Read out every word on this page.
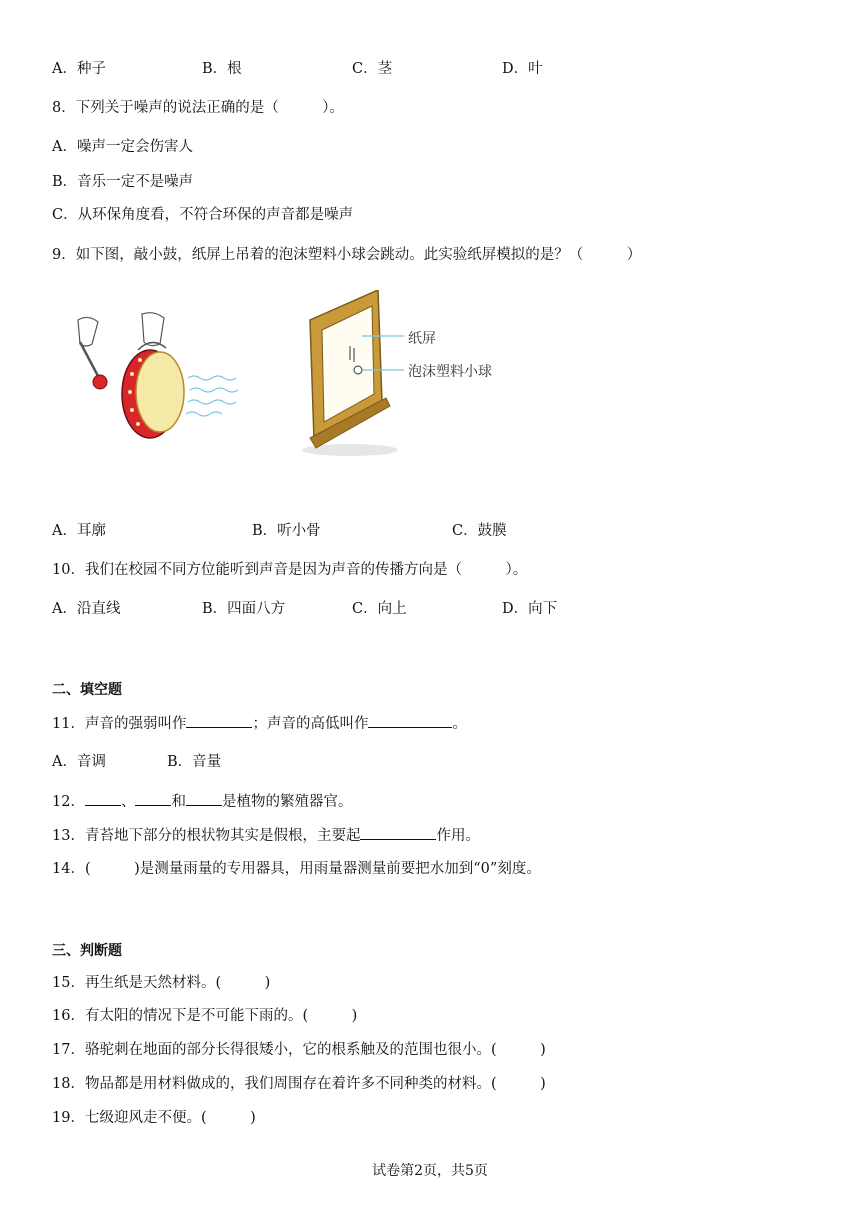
A．种子	B．根	C．茎	D．叶
8．下列关于噪声的说法正确的是（　　　）。
A．噪声一定会伤害人
B．音乐一定不是噪声
C．从环保角度看，不符合环保的声音都是噪声
9．如下图，敲小鼓，纸屏上吊着的泡沫塑料小球会跳动。此实验纸屏模拟的是？（　　　）
纸屏
泡沫塑料小球
A．耳廓	B．听小骨	C．鼓膜
10．我们在校园不同方位能听到声音是因为声音的传播方向是（　　　）。
A．沿直线	B．四面八方	C．向上	D．向下
二、填空题
11．声音的强弱叫作	；声音的高低叫作	。
A．音调	B．音量
12． 、 和 是植物的繁殖器官。
13．青苔地下部分的根状物其实是假根，主要起	作用。
14．(　　　)是测量雨量的专用器具，用雨量器测量前要把水加到“0”刻度。
三、判断题
15．再生纸是天然材料。(　　　)
16．有太阳的情况下是不可能下雨的。(　　　)
17．骆驼刺在地面的部分长得很矮小，它的根系触及的范围也很小。(　　　)
18．物品都是用材料做成的，我们周围存在着许多不同种类的材料。(　　　)
19．七级迎风走不便。(　　　)
试卷第2页，共5页
